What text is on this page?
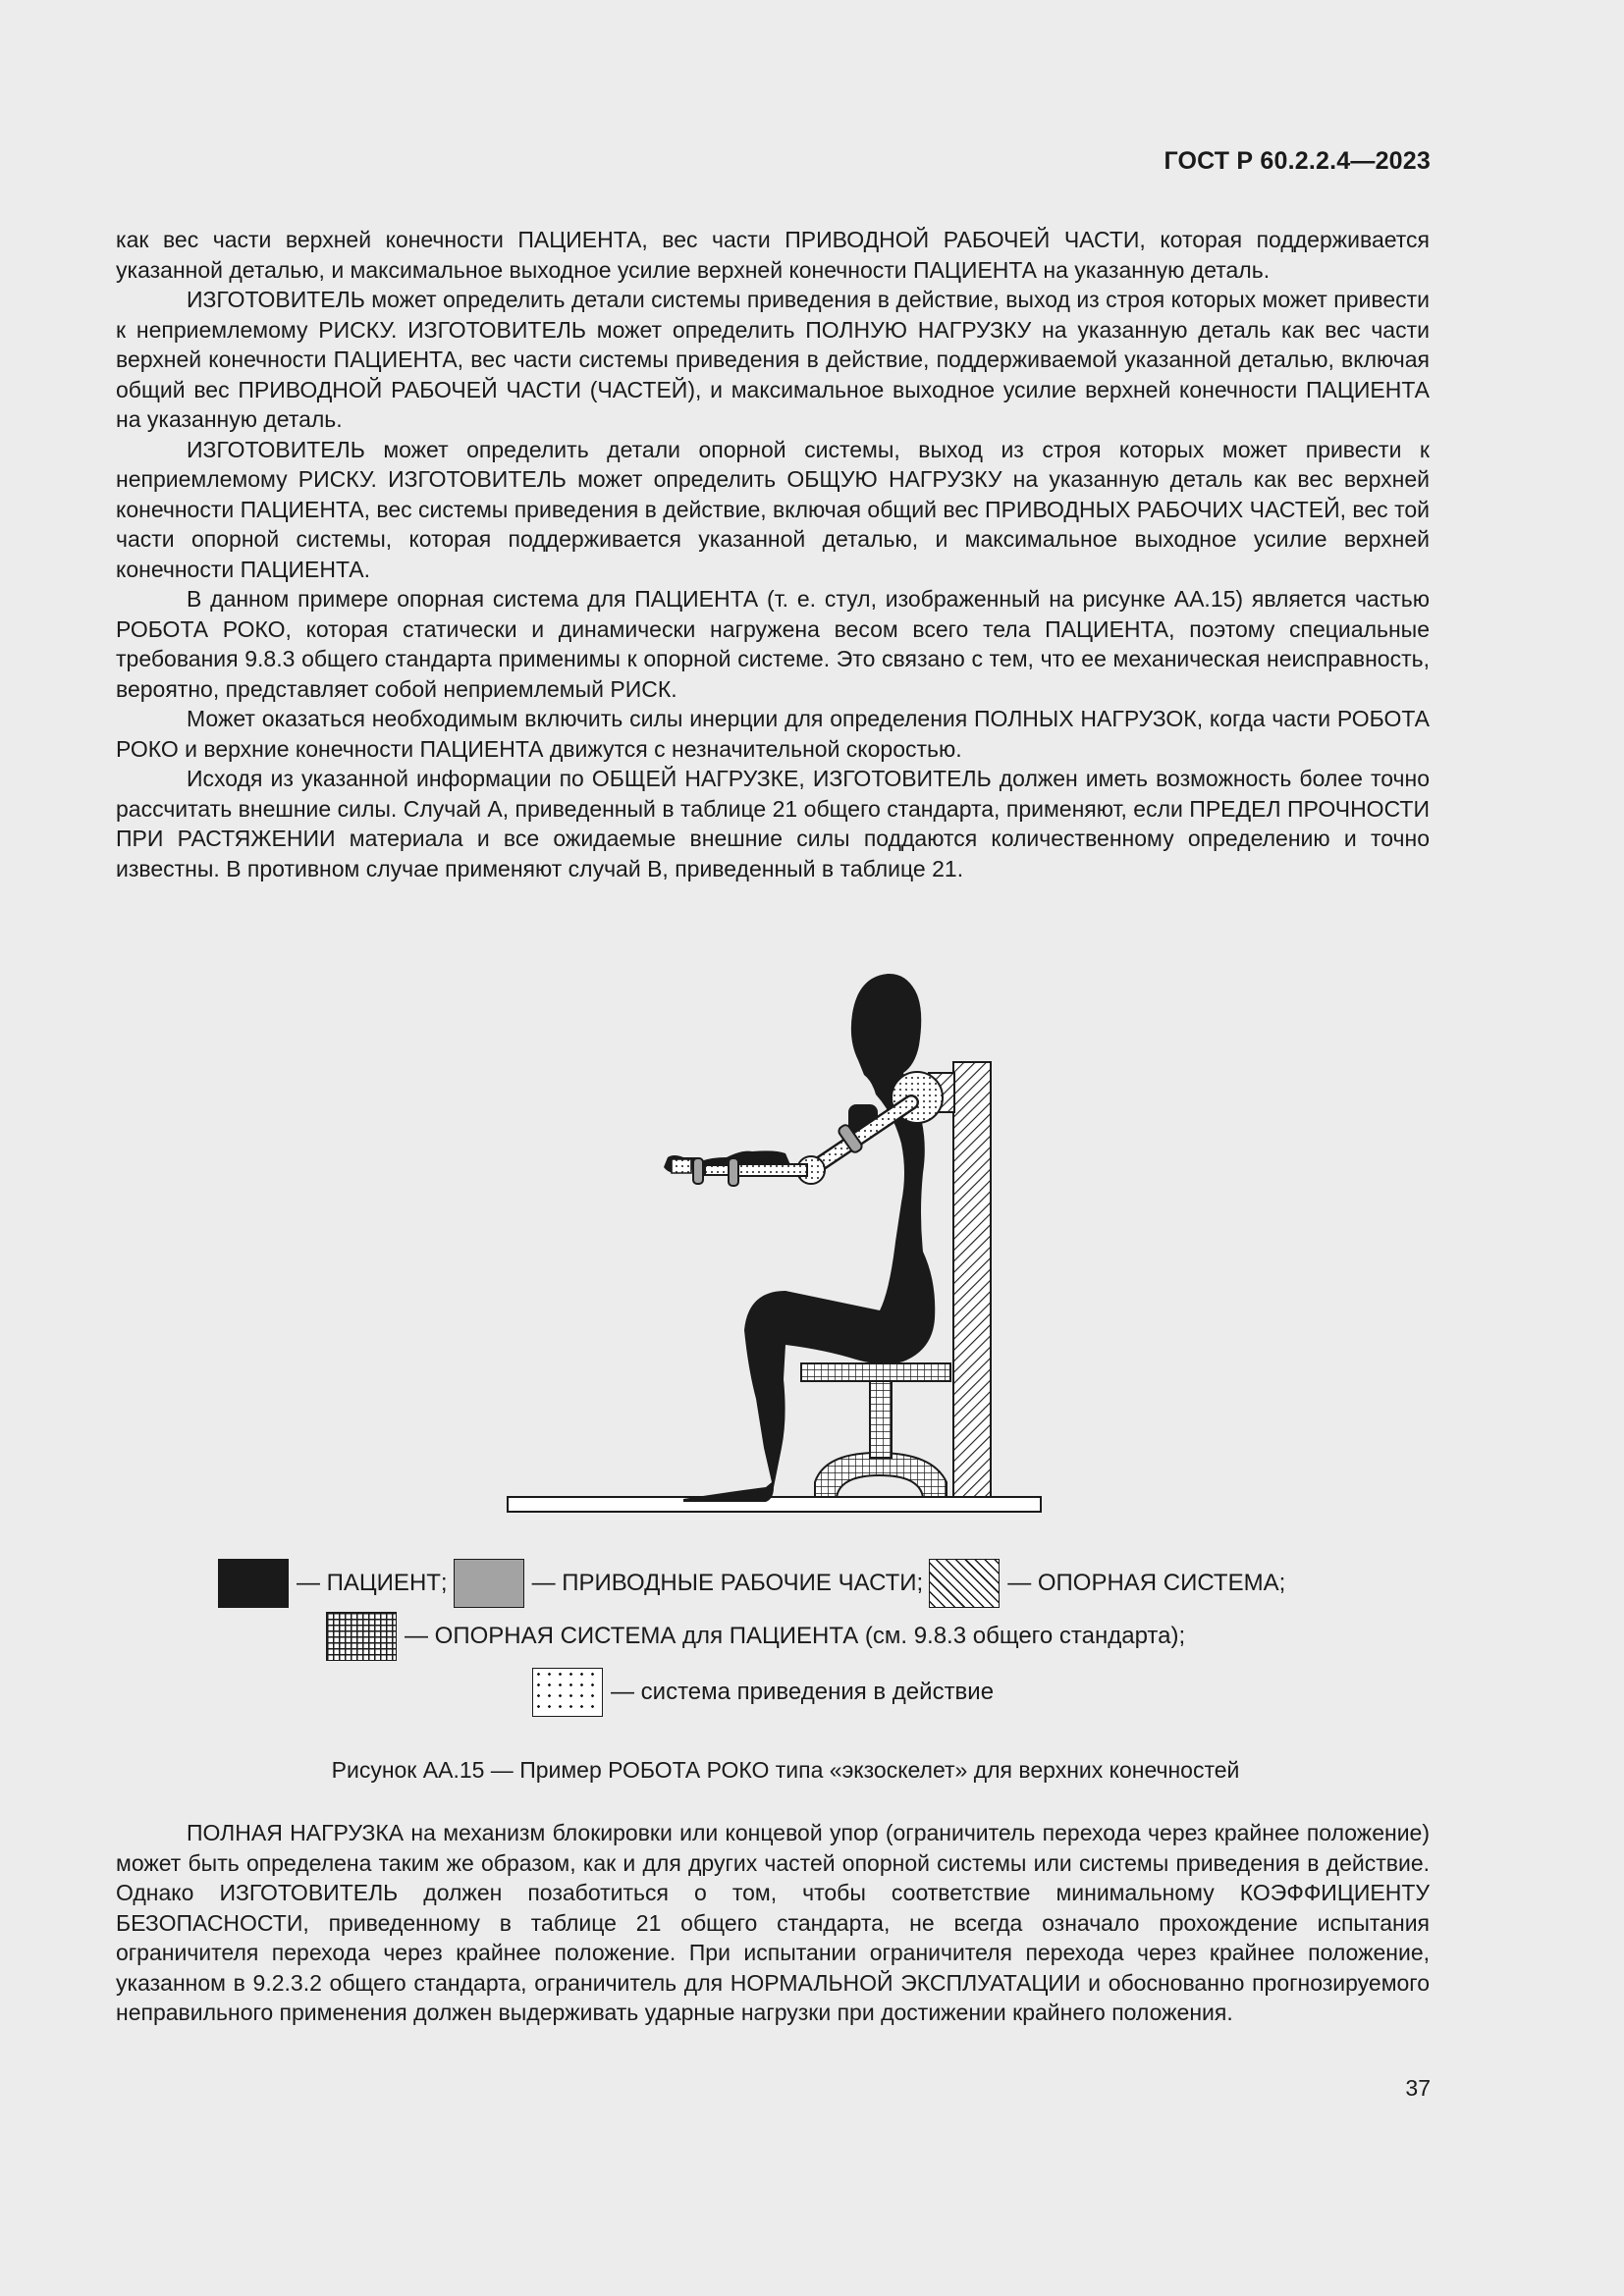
ГОСТ Р 60.2.2.4—2023

как вес части верхней конечности ПАЦИЕНТА, вес части ПРИВОДНОЙ РАБОЧЕЙ ЧАСТИ, которая поддерживается указанной деталью, и максимальное выходное усилие верхней конечности ПАЦИЕНТА на указанную деталь.

ИЗГОТОВИТЕЛЬ может определить детали системы приведения в действие, выход из строя которых может привести к неприемлемому РИСКУ. ИЗГОТОВИТЕЛЬ может определить ПОЛНУЮ НАГРУЗКУ на указанную деталь как вес части верхней конечности ПАЦИЕНТА, вес части системы приведения в действие, поддерживаемой указанной деталью, включая общий вес ПРИВОДНОЙ РАБОЧЕЙ ЧАСТИ (ЧАСТЕЙ), и максимальное выходное усилие верхней конечности ПАЦИЕНТА на указанную деталь.

ИЗГОТОВИТЕЛЬ может определить детали опорной системы, выход из строя которых может привести к неприемлемому РИСКУ. ИЗГОТОВИТЕЛЬ может определить ОБЩУЮ НАГРУЗКУ на указанную деталь как вес верхней конечности ПАЦИЕНТА, вес системы приведения в действие, включая общий вес ПРИВОДНЫХ РАБОЧИХ ЧАСТЕЙ, вес той части опорной системы, которая поддерживается указанной деталью, и максимальное выходное усилие верхней конечности ПАЦИЕНТА.

В данном примере опорная система для ПАЦИЕНТА (т. е. стул, изображенный на рисунке АА.15) является частью РОБОТА РОКО, которая статически и динамически нагружена весом всего тела ПАЦИЕНТА, поэтому специальные требования 9.8.3 общего стандарта применимы к опорной системе. Это связано с тем, что ее механическая неисправность, вероятно, представляет собой неприемлемый РИСК.

Может оказаться необходимым включить силы инерции для определения ПОЛНЫХ НАГРУЗОК, когда части РОБОТА РОКО и верхние конечности ПАЦИЕНТА движутся с незначительной скоростью.

Исходя из указанной информации по ОБЩЕЙ НАГРУЗКЕ, ИЗГОТОВИТЕЛЬ должен иметь возможность более точно рассчитать внешние силы. Случай А, приведенный в таблице 21 общего стандарта, применяют, если ПРЕДЕЛ ПРОЧНОСТИ ПРИ РАСТЯЖЕНИИ материала и все ожидаемые внешние силы поддаются количественному определению и точно известны. В противном случае применяют случай В, приведенный в таблице 21.

— ПАЦИЕНТ;	— ПРИВОДНЫЕ РАБОЧИЕ ЧАСТИ;	— ОПОРНАЯ СИСТЕМА;
— ОПОРНАЯ СИСТЕМА для ПАЦИЕНТА (см. 9.8.3 общего стандарта);
— система приведения в действие
Рисунок АА.15 — Пример РОБОТА РОКО типа «экзоскелет» для верхних конечностей

ПОЛНАЯ НАГРУЗКА на механизм блокировки или концевой упор (ограничитель перехода через крайнее положение) может быть определена таким же образом, как и для других частей опорной системы или системы приведения в действие. Однако ИЗГОТОВИТЕЛЬ должен позаботиться о том, чтобы соответствие минимальному КОЭФФИЦИЕНТУ БЕЗОПАСНОСТИ, приведенному в таблице 21 общего стандарта, не всегда означало прохождение испытания ограничителя перехода через крайнее положение. При испытании ограничителя перехода через крайнее положение, указанном в 9.2.3.2 общего стандарта, ограничитель для НОРМАЛЬНОЙ ЭКСПЛУАТАЦИИ и обоснованно прогнозируемого неправильного применения должен выдерживать ударные нагрузки при достижении крайнего положения.

37
